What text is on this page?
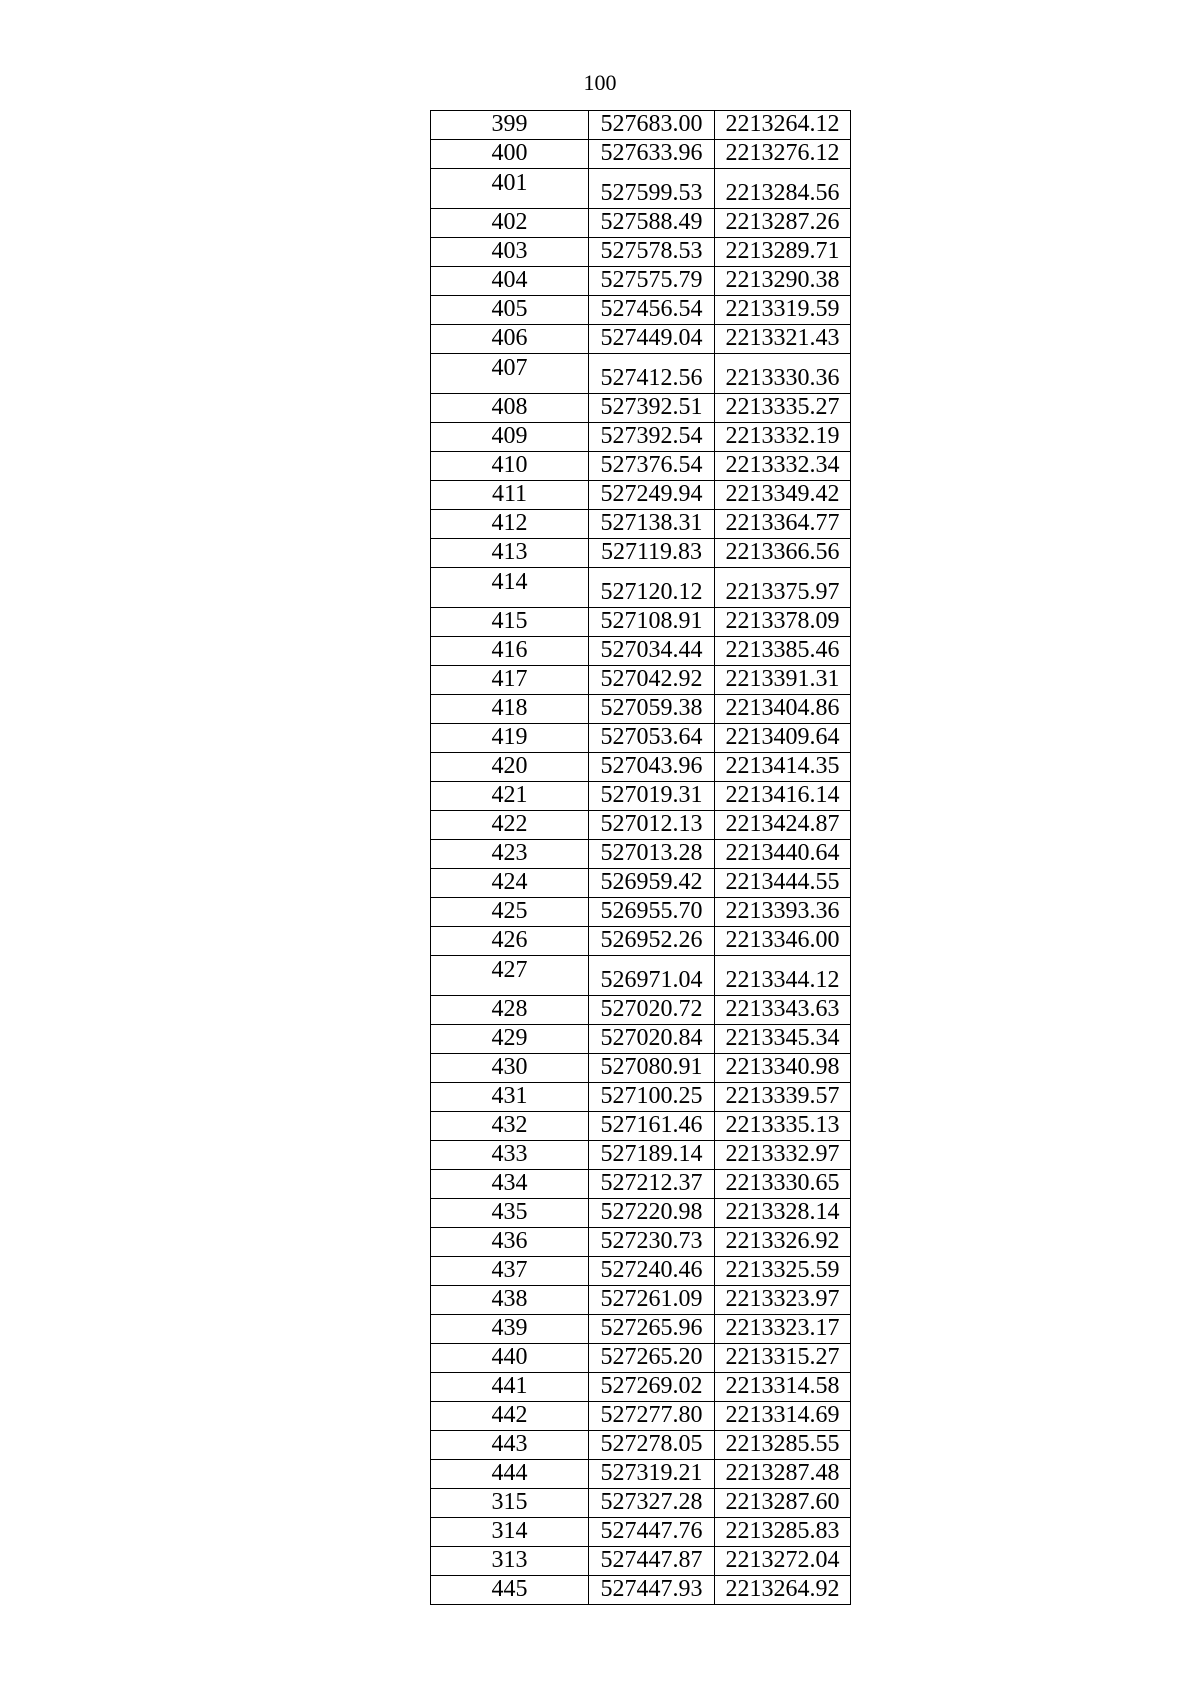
100
399	527683.00	2213264.12
400	527633.96	2213276.12
401	527599.53	2213284.56
402	527588.49	2213287.26
403	527578.53	2213289.71
404	527575.79	2213290.38
405	527456.54	2213319.59
406	527449.04	2213321.43
407	527412.56	2213330.36
408	527392.51	2213335.27
409	527392.54	2213332.19
410	527376.54	2213332.34
411	527249.94	2213349.42
412	527138.31	2213364.77
413	527119.83	2213366.56
414	527120.12	2213375.97
415	527108.91	2213378.09
416	527034.44	2213385.46
417	527042.92	2213391.31
418	527059.38	2213404.86
419	527053.64	2213409.64
420	527043.96	2213414.35
421	527019.31	2213416.14
422	527012.13	2213424.87
423	527013.28	2213440.64
424	526959.42	2213444.55
425	526955.70	2213393.36
426	526952.26	2213346.00
427	526971.04	2213344.12
428	527020.72	2213343.63
429	527020.84	2213345.34
430	527080.91	2213340.98
431	527100.25	2213339.57
432	527161.46	2213335.13
433	527189.14	2213332.97
434	527212.37	2213330.65
435	527220.98	2213328.14
436	527230.73	2213326.92
437	527240.46	2213325.59
438	527261.09	2213323.97
439	527265.96	2213323.17
440	527265.20	2213315.27
441	527269.02	2213314.58
442	527277.80	2213314.69
443	527278.05	2213285.55
444	527319.21	2213287.48
315	527327.28	2213287.60
314	527447.76	2213285.83
313	527447.87	2213272.04
445	527447.93	2213264.92
